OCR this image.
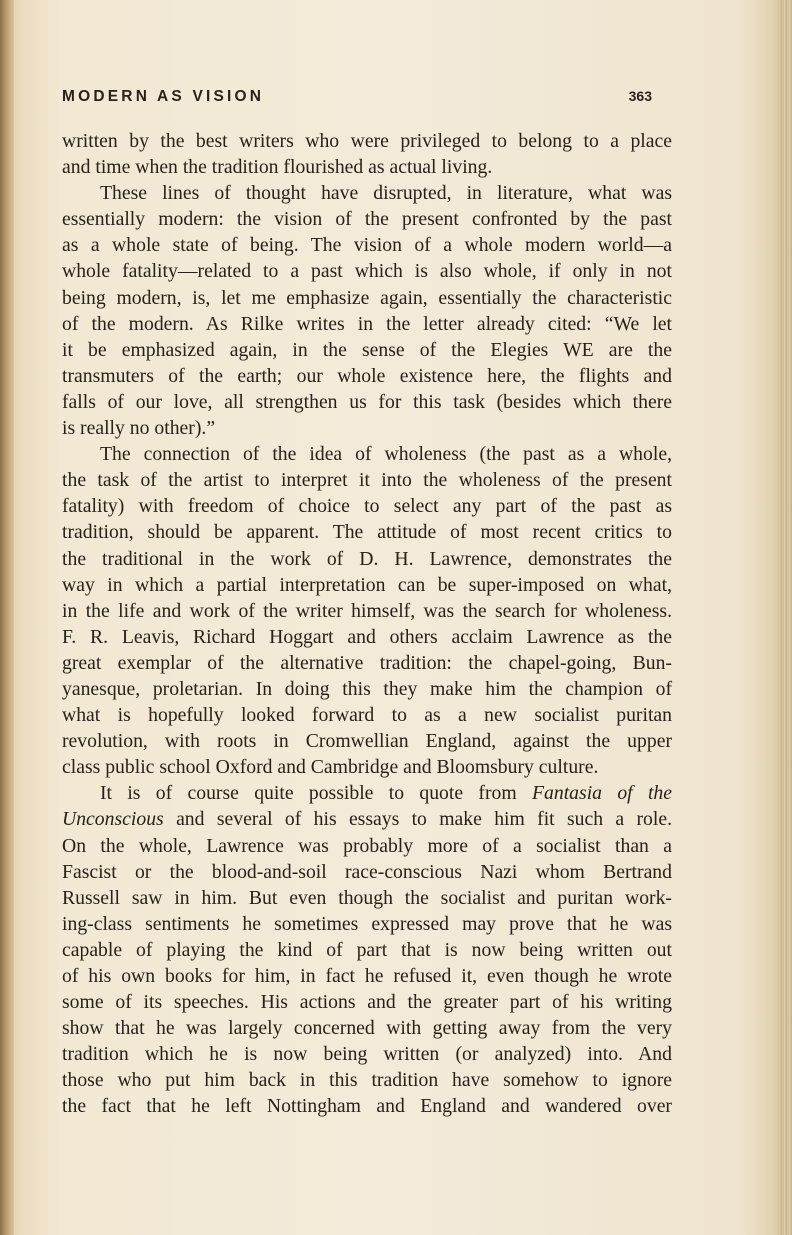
MODERN AS VISION	363

written by the best writers who were privileged to belong to a place
and time when the tradition flourished as actual living.

These lines of thought have disrupted, in literature, what was
essentially modern: the vision of the present confronted by the past
as a whole state of being. The vision of a whole modern world—a
whole fatality—related to a past which is also whole, if only in not
being modern, is, let me emphasize again, essentially the characteristic
of the modern. As Rilke writes in the letter already cited: “We let
it be emphasized again, in the sense of the Elegies WE are the
transmuters of the earth; our whole existence here, the flights and
falls of our love, all strengthen us for this task (besides which there
is really no other).”

The connection of the idea of wholeness (the past as a whole,
the task of the artist to interpret it into the wholeness of the present
fatality) with freedom of choice to select any part of the past as
tradition, should be apparent. The attitude of most recent critics to
the traditional in the work of D. H. Lawrence, demonstrates the
way in which a partial interpretation can be super-imposed on what,
in the life and work of the writer himself, was the search for wholeness.
F. R. Leavis, Richard Hoggart and others acclaim Lawrence as the
great exemplar of the alternative tradition: the chapel-going, Bun-
yanesque, proletarian. In doing this they make him the champion of
what is hopefully looked forward to as a new socialist puritan
revolution, with roots in Cromwellian England, against the upper
class public school Oxford and Cambridge and Bloomsbury culture.

It is of course quite possible to quote from Fantasia of the
Unconscious and several of his essays to make him fit such a role.
On the whole, Lawrence was probably more of a socialist than a
Fascist or the blood-and-soil race-conscious Nazi whom Bertrand
Russell saw in him. But even though the socialist and puritan work-
ing-class sentiments he sometimes expressed may prove that he was
capable of playing the kind of part that is now being written out
of his own books for him, in fact he refused it, even though he wrote
some of its speeches. His actions and the greater part of his writing
show that he was largely concerned with getting away from the very
tradition which he is now being written (or analyzed) into. And
those who put him back in this tradition have somehow to ignore
the fact that he left Nottingham and England and wandered over
